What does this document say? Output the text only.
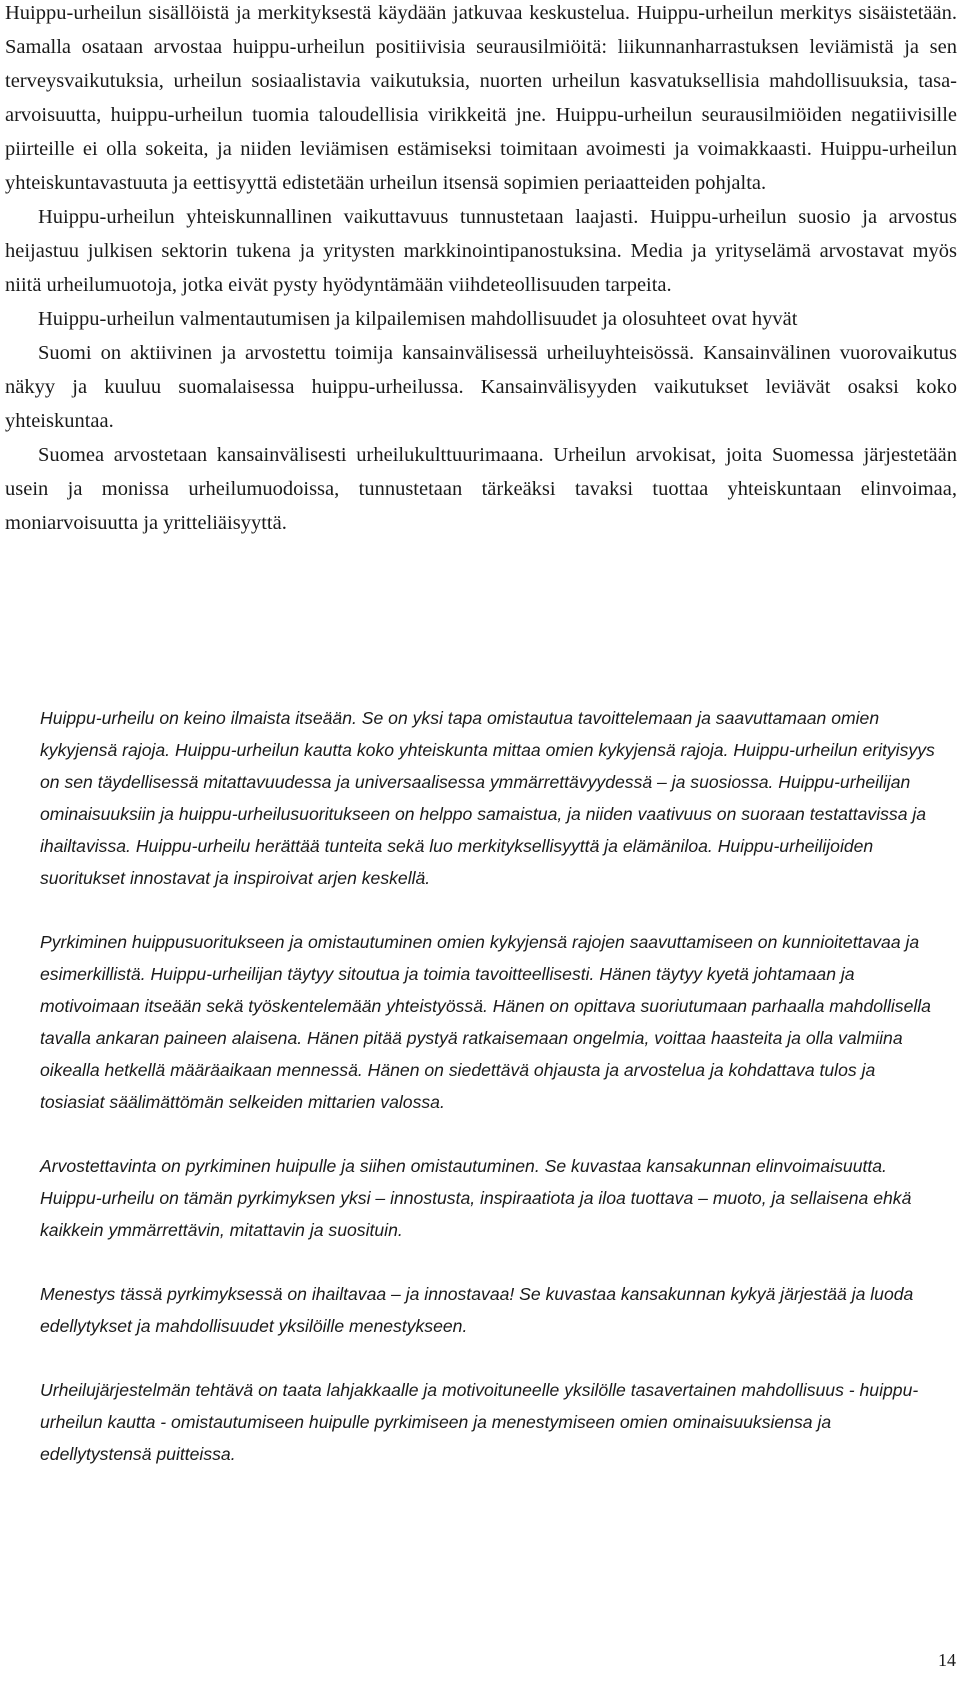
Huippu-urheilun sisällöistä ja merkityksestä käydään jatkuvaa keskustelua. Huippu-urheilun merkitys sisäistetään. Samalla osataan arvostaa huippu-urheilun positiivisia seurausilmiöitä: liikunnanharrastuksen leviämistä ja sen terveysvaikutuksia, urheilun sosiaalistavia vaikutuksia, nuorten urheilun kasvatuksellisia mahdollisuuksia, tasa-arvoisuutta, huippu-urheilun tuomia taloudellisia virikkeitä jne. Huippu-urheilun seurausilmiöiden negatiivisille piirteille ei olla sokeita, ja niiden leviämisen estämiseksi toimitaan avoimesti ja voimakkaasti. Huippu-urheilun yhteiskuntavastuuta ja eettisyyttä edistetään urheilun itsensä sopimien periaatteiden pohjalta.

Huippu-urheilun yhteiskunnallinen vaikuttavuus tunnustetaan laajasti. Huippu-urheilun suosio ja arvostus heijastuu julkisen sektorin tukena ja yritysten markkinointipanostuksina. Media ja yrityselämä arvostavat myös niitä urheilumuotoja, jotka eivät pysty hyödyntämään viihdeteollisuuden tarpeita.

Huippu-urheilun valmentautumisen ja kilpailemisen mahdollisuudet ja olosuhteet ovat hyvät

Suomi on aktiivinen ja arvostettu toimija kansainvälisessä urheiluyhteisössä. Kansainvälinen vuorovaikutus näkyy ja kuuluu suomalaisessa huippu-urheilussa. Kansainvälisyyden vaikutukset leviävät osaksi koko yhteiskuntaa.

Suomea arvostetaan kansainvälisesti urheilukulttuurimaana. Urheilun arvokisat, joita Suomessa järjestetään usein ja monissa urheilumuodoissa, tunnustetaan tärkeäksi tavaksi tuottaa yhteiskuntaan elinvoimaa, moniarvoisuutta ja yritteliäisyyttä.

Huippu-urheilu on keino ilmaista itseään. Se on yksi tapa omistautua tavoittelemaan ja saavuttamaan omien kykyjensä rajoja. Huippu-urheilun kautta koko yhteiskunta mittaa omien kykyjensä rajoja. Huippu-urheilun erityisyys on sen täydellisessä mitattavuudessa ja universaalisessa ymmärrettävyydessä – ja suosiossa. Huippu-urheilijan ominaisuuksiin ja huippu-urheilusuoritukseen on helppo samaistua, ja niiden vaativuus on suoraan testattavissa ja ihailtavissa. Huippu-urheilu herättää tunteita sekä luo merkityksellisyyttä ja elämäniloa. Huippu-urheilijoiden suoritukset innostavat ja inspiroivat arjen keskellä.

Pyrkiminen huippusuoritukseen ja omistautuminen omien kykyjensä rajojen saavuttamiseen on kunnioitettavaa ja esimerkillistä. Huippu-urheilijan täytyy sitoutua ja toimia tavoitteellisesti. Hänen täytyy kyetä johtamaan ja motivoimaan itseään sekä työskentelemään yhteistyössä. Hänen on opittava suoriutumaan parhaalla mahdollisella tavalla ankaran paineen alaisena. Hänen pitää pystyä ratkaisemaan ongelmia, voittaa haasteita ja olla valmiina oikealla hetkellä määräaikaan mennessä. Hänen on siedettävä ohjausta ja arvostelua ja kohdattava tulos ja tosiasiat säälimättömän selkeiden mittarien valossa.

Arvostettavinta on pyrkiminen huipulle ja siihen omistautuminen. Se kuvastaa kansakunnan elinvoimaisuutta. Huippu-urheilu on tämän pyrkimyksen yksi – innostusta, inspiraatiota ja iloa tuottava – muoto, ja sellaisena ehkä kaikkein ymmärrettävin, mitattavin ja suosituin.

Menestys tässä pyrkimyksessä on ihailtavaa – ja innostavaa! Se kuvastaa kansakunnan kykyä järjestää ja luoda edellytykset ja mahdollisuudet yksilöille menestykseen.

Urheilujärjestelmän tehtävä on taata lahjakkaalle ja motivoituneelle yksilölle tasavertainen mahdollisuus - huippu-urheilun kautta - omistautumiseen huipulle pyrkimiseen ja menestymiseen omien ominaisuuksiensa ja edellytystensä puitteissa.

14
